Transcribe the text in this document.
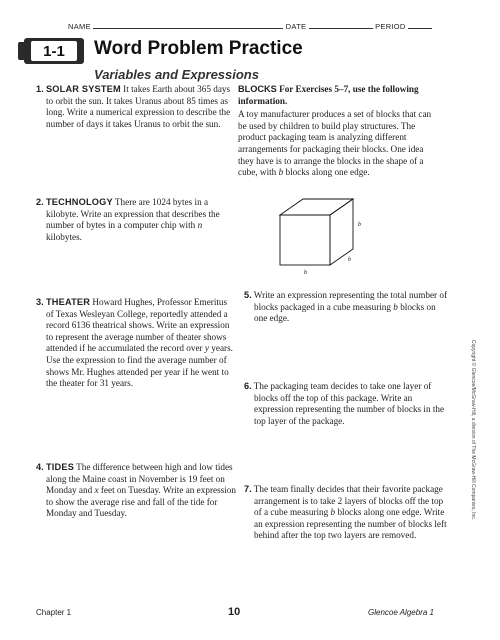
NAME	DATE	PERIOD
1-1	Word Problem Practice
Variables and Expressions
1. SOLAR SYSTEM It takes Earth about 365 days to orbit the sun. It takes Uranus about 85 times as long. Write a numerical expression to describe the number of days it takes Uranus to orbit the sun.
BLOCKS For Exercises 5–7, use the following information.
A toy manufacturer produces a set of blocks that can be used by children to build play structures. The product packaging team is analyzing different arrangements for packaging their blocks. One idea they have is to arrange the blocks in the shape of a cube, with b blocks along one edge.
2. TECHNOLOGY There are 1024 bytes in a kilobyte. Write an expression that describes the number of bytes in a computer chip with n kilobytes.
b
b
b
3. THEATER Howard Hughes, Professor Emeritus of Texas Wesleyan College, reportedly attended a record 6136 theatrical shows. Write an expression to represent the average number of theater shows attended if he accumulated the record over y years. Use the expression to find the average number of shows Mr. Hughes attended per year if he went to the theater for 31 years.
5. Write an expression representing the total number of blocks packaged in a cube measuring b blocks on one edge.
6. The packaging team decides to take one layer of blocks off the top of this package. Write an expression representing the number of blocks in the top layer of the package.
4. TIDES The difference between high and low tides along the Maine coast in November is 19 feet on Monday and x feet on Tuesday. Write an expression to show the average rise and fall of the tide for Monday and Tuesday.
7. The team finally decides that their favorite package arrangement is to take 2 layers of blocks off the top of a cube measuring b blocks along one edge. Write an expression representing the number of blocks left behind after the top two layers are removed.
Copyright © Glencoe/McGraw-Hill, a division of The McGraw-Hill Companies, Inc.
Chapter 1	10	Glencoe Algebra 1
